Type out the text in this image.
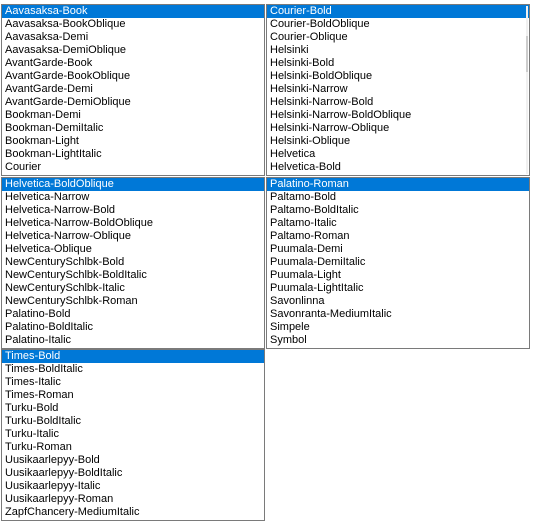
Aavasaksa-Book
Aavasaksa-BookOblique
Aavasaksa-Demi
Aavasaksa-DemiOblique
AvantGarde-Book
AvantGarde-BookOblique
AvantGarde-Demi
AvantGarde-DemiOblique
Bookman-Demi
Bookman-DemiItalic
Bookman-Light
Bookman-LightItalic
Courier
Courier-Bold
Courier-BoldOblique
Courier-Oblique
Helsinki
Helsinki-Bold
Helsinki-BoldOblique
Helsinki-Narrow
Helsinki-Narrow-Bold
Helsinki-Narrow-BoldOblique
Helsinki-Narrow-Oblique
Helsinki-Oblique
Helvetica
Helvetica-Bold
Helvetica-BoldOblique
Helvetica-Narrow
Helvetica-Narrow-Bold
Helvetica-Narrow-BoldOblique
Helvetica-Narrow-Oblique
Helvetica-Oblique
NewCenturySchlbk-Bold
NewCenturySchlbk-BoldItalic
NewCenturySchlbk-Italic
NewCenturySchlbk-Roman
Palatino-Bold
Palatino-BoldItalic
Palatino-Italic
Palatino-Roman
Paltamo-Bold
Paltamo-BoldItalic
Paltamo-Italic
Paltamo-Roman
Puumala-Demi
Puumala-DemiItalic
Puumala-Light
Puumala-LightItalic
Savonlinna
Savonranta-MediumItalic
Simpele
Symbol
Times-Bold
Times-BoldItalic
Times-Italic
Times-Roman
Turku-Bold
Turku-BoldItalic
Turku-Italic
Turku-Roman
Uusikaarlepyy-Bold
Uusikaarlepyy-BoldItalic
Uusikaarlepyy-Italic
Uusikaarlepyy-Roman
ZapfChancery-MediumItalic
